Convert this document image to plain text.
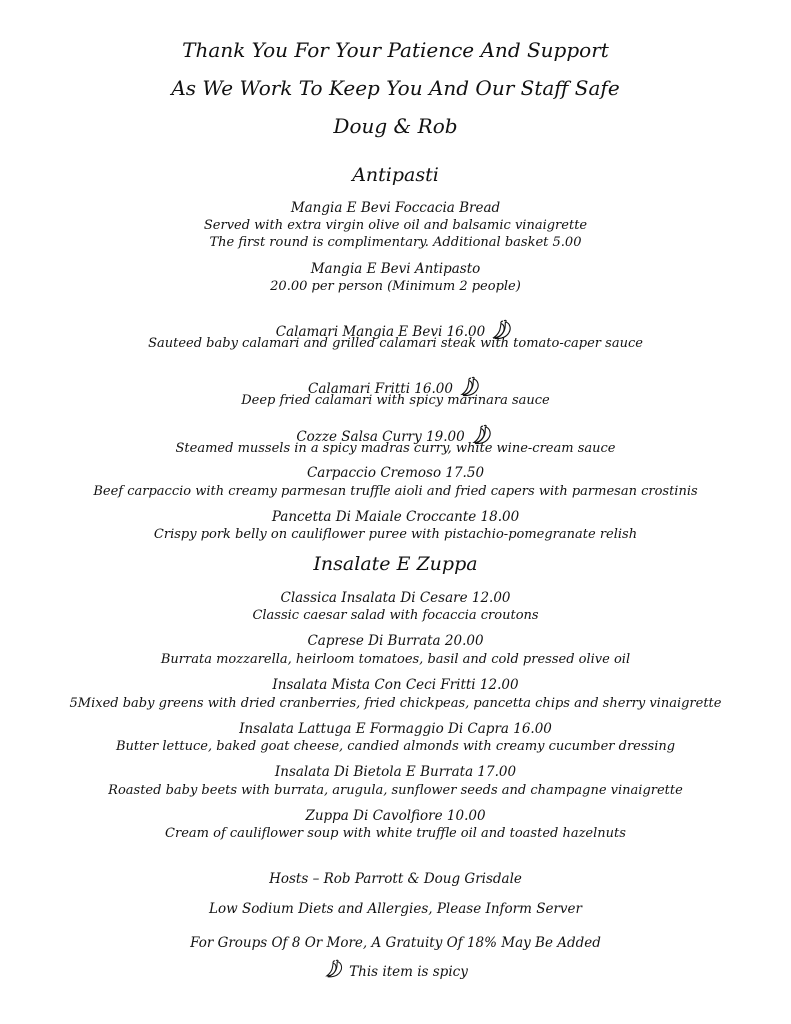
Thank You For Your Patience And Support
As We Work To Keep You And Our Staff Safe
Doug & Rob
Antipasti
Mangia E Bevi Foccacia Bread
Served with extra virgin olive oil and balsamic vinaigrette
The first round is complimentary. Additional basket 5.00
Mangia E Bevi Antipasto
20.00 per person (Minimum 2 people)
Calamari Mangia E Bevi 16.00
Sauteed baby calamari and grilled calamari steak with tomato-caper sauce
Calamari Fritti 16.00
Deep fried calamari with spicy marinara sauce
Cozze Salsa Curry 19.00
Steamed mussels in a spicy madras curry, white wine-cream sauce
Carpaccio Cremoso 17.50
Beef carpaccio with creamy parmesan truffle aioli and fried capers with parmesan crostinis
Pancetta Di Maiale Croccante 18.00
Crispy pork belly on cauliflower puree with pistachio-pomegranate relish
Insalate E Zuppa
Classica Insalata Di Cesare 12.00
Classic caesar salad with focaccia croutons
Caprese Di Burrata 20.00
Burrata mozzarella, heirloom tomatoes, basil and cold pressed olive oil
Insalata Mista Con Ceci Fritti 12.00
5Mixed baby greens with dried cranberries, fried chickpeas, pancetta chips and sherry vinaigrette
Insalata Lattuga E Formaggio Di Capra 16.00
Butter lettuce, baked goat cheese, candied almonds with creamy cucumber dressing
Insalata Di Bietola E Burrata 17.00
Roasted baby beets with burrata, arugula, sunflower seeds and champagne vinaigrette
Zuppa Di Cavolfiore 10.00
Cream of cauliflower soup with white truffle oil and toasted hazelnuts
Hosts – Rob Parrott & Doug Grisdale
Low Sodium Diets and Allergies, Please Inform Server
For Groups Of 8 Or More, A Gratuity Of 18% May Be Added
This item is spicy
